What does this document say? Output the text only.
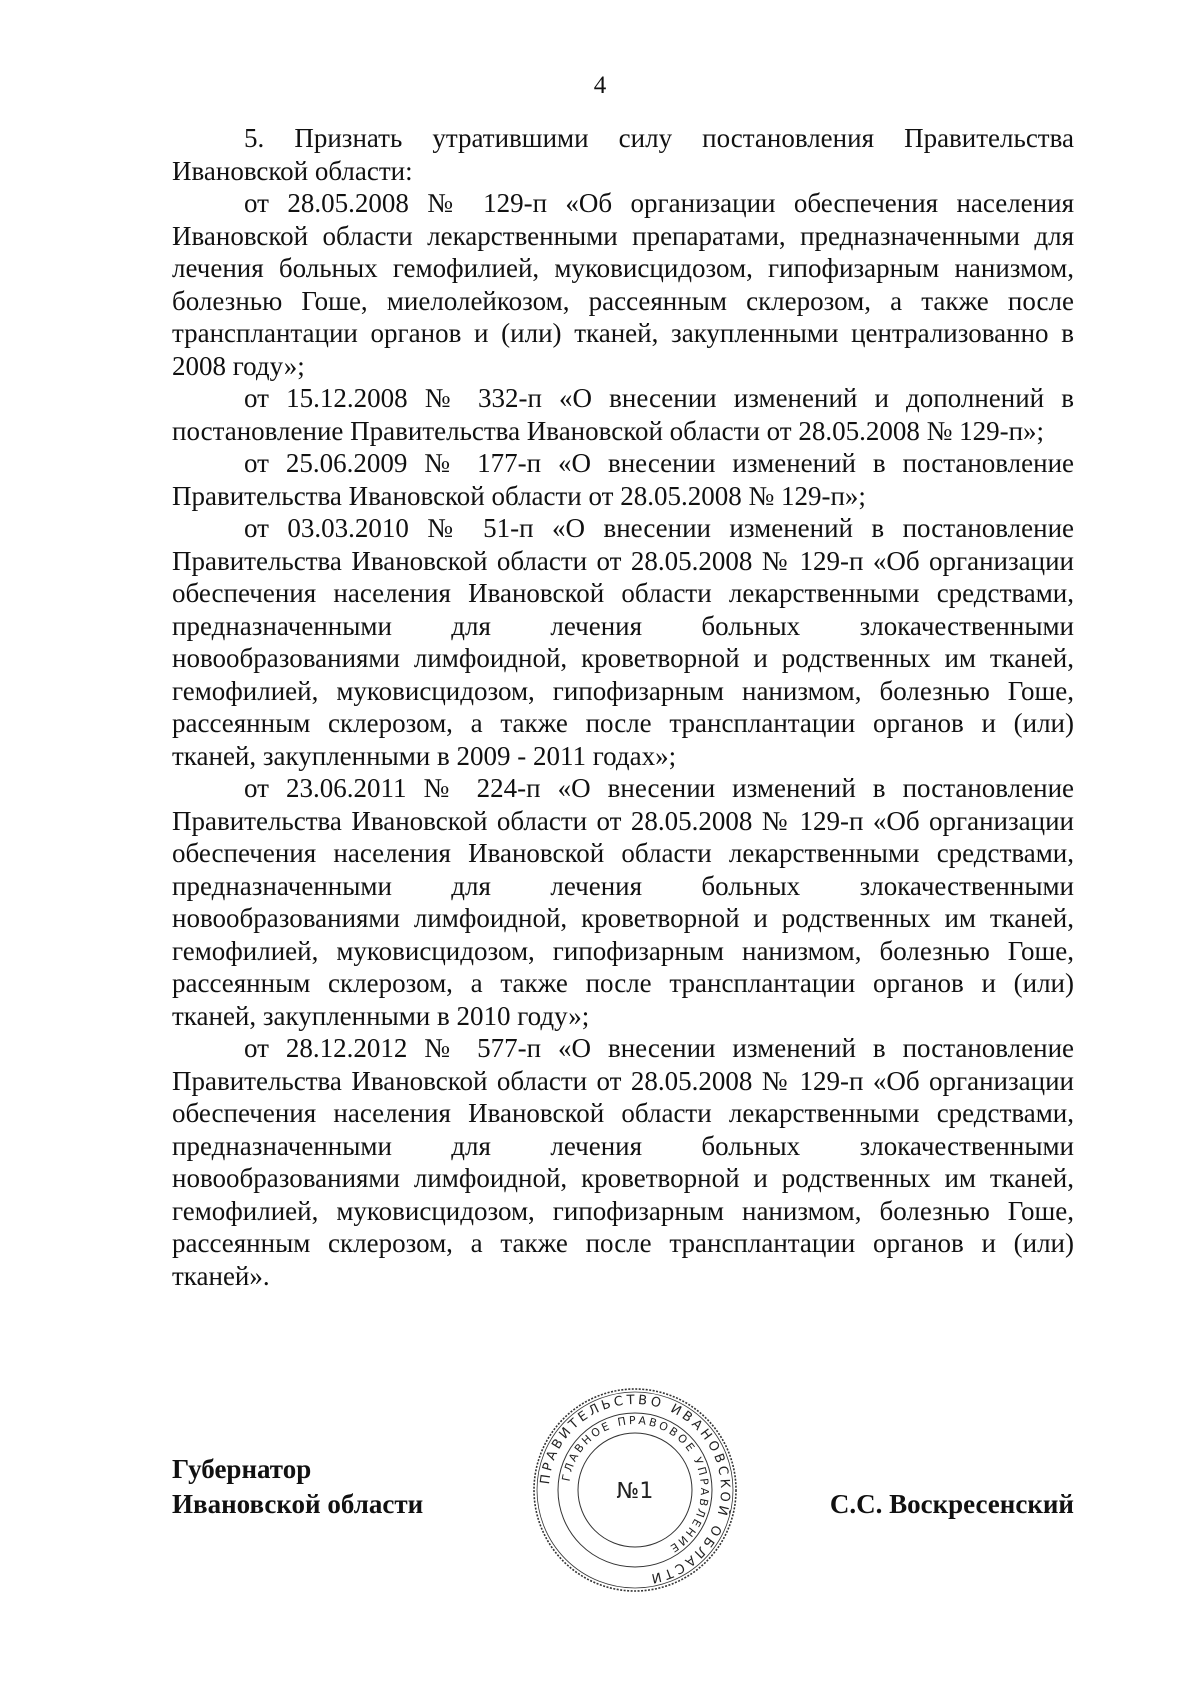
4

5. Признать утратившими силу постановления Правительства Ивановской области:

от 28.05.2008 № 129-п «Об организации обеспечения населения Ивановской области лекарственными препаратами, предназначенными для лечения больных гемофилией, муковисцидозом, гипофизарным нанизмом, болезнью Гоше, миелолейкозом, рассеянным склерозом, а также после трансплантации органов и (или) тканей, закупленными централизованно в 2008 году»;

от 15.12.2008 № 332-п «О внесении изменений и дополнений в постановление Правительства Ивановской области от 28.05.2008 № 129-п»;

от 25.06.2009 № 177-п «О внесении изменений в постановление Правительства Ивановской области от 28.05.2008 № 129-п»;

от 03.03.2010 № 51-п «О внесении изменений в постановление Правительства Ивановской области от 28.05.2008 № 129-п «Об организации обеспечения населения Ивановской области лекарственными средствами, предназначенными для лечения больных злокачественными новообразованиями лимфоидной, кроветворной и родственных им тканей, гемофилией, муковисцидозом, гипофизарным нанизмом, болезнью Гоше, рассеянным склерозом, а также после трансплантации органов и (или) тканей, закупленными в 2009 - 2011 годах»;

от 23.06.2011 № 224-п «О внесении изменений в постановление Правительства Ивановской области от 28.05.2008 № 129-п «Об организации обеспечения населения Ивановской области лекарственными средствами, предназначенными для лечения больных злокачественными новообразованиями лимфоидной, кроветворной и родственных им тканей, гемофилией, муковисцидозом, гипофизарным нанизмом, болезнью Гоше, рассеянным склерозом, а также после трансплантации органов и (или) тканей, закупленными в 2010 году»;

от 28.12.2012 № 577-п «О внесении изменений в постановление Правительства Ивановской области от 28.05.2008 № 129-п «Об организации обеспечения населения Ивановской области лекарственными средствами, предназначенными для лечения больных злокачественными новообразованиями лимфоидной, кроветворной и родственных им тканей, гемофилией, муковисцидозом, гипофизарным нанизмом, болезнью Гоше, рассеянным склерозом, а также после трансплантации органов и (или) тканей».

Губернатор
Ивановской области	С.С. Воскресенский
ПРАВИТЕЛЬСТВО ИВАНОВСКОЙ ОБЛАСТИ
ГЛАВНОЕ ПРАВОВОЕ УПРАВЛЕНИЕ
№1
